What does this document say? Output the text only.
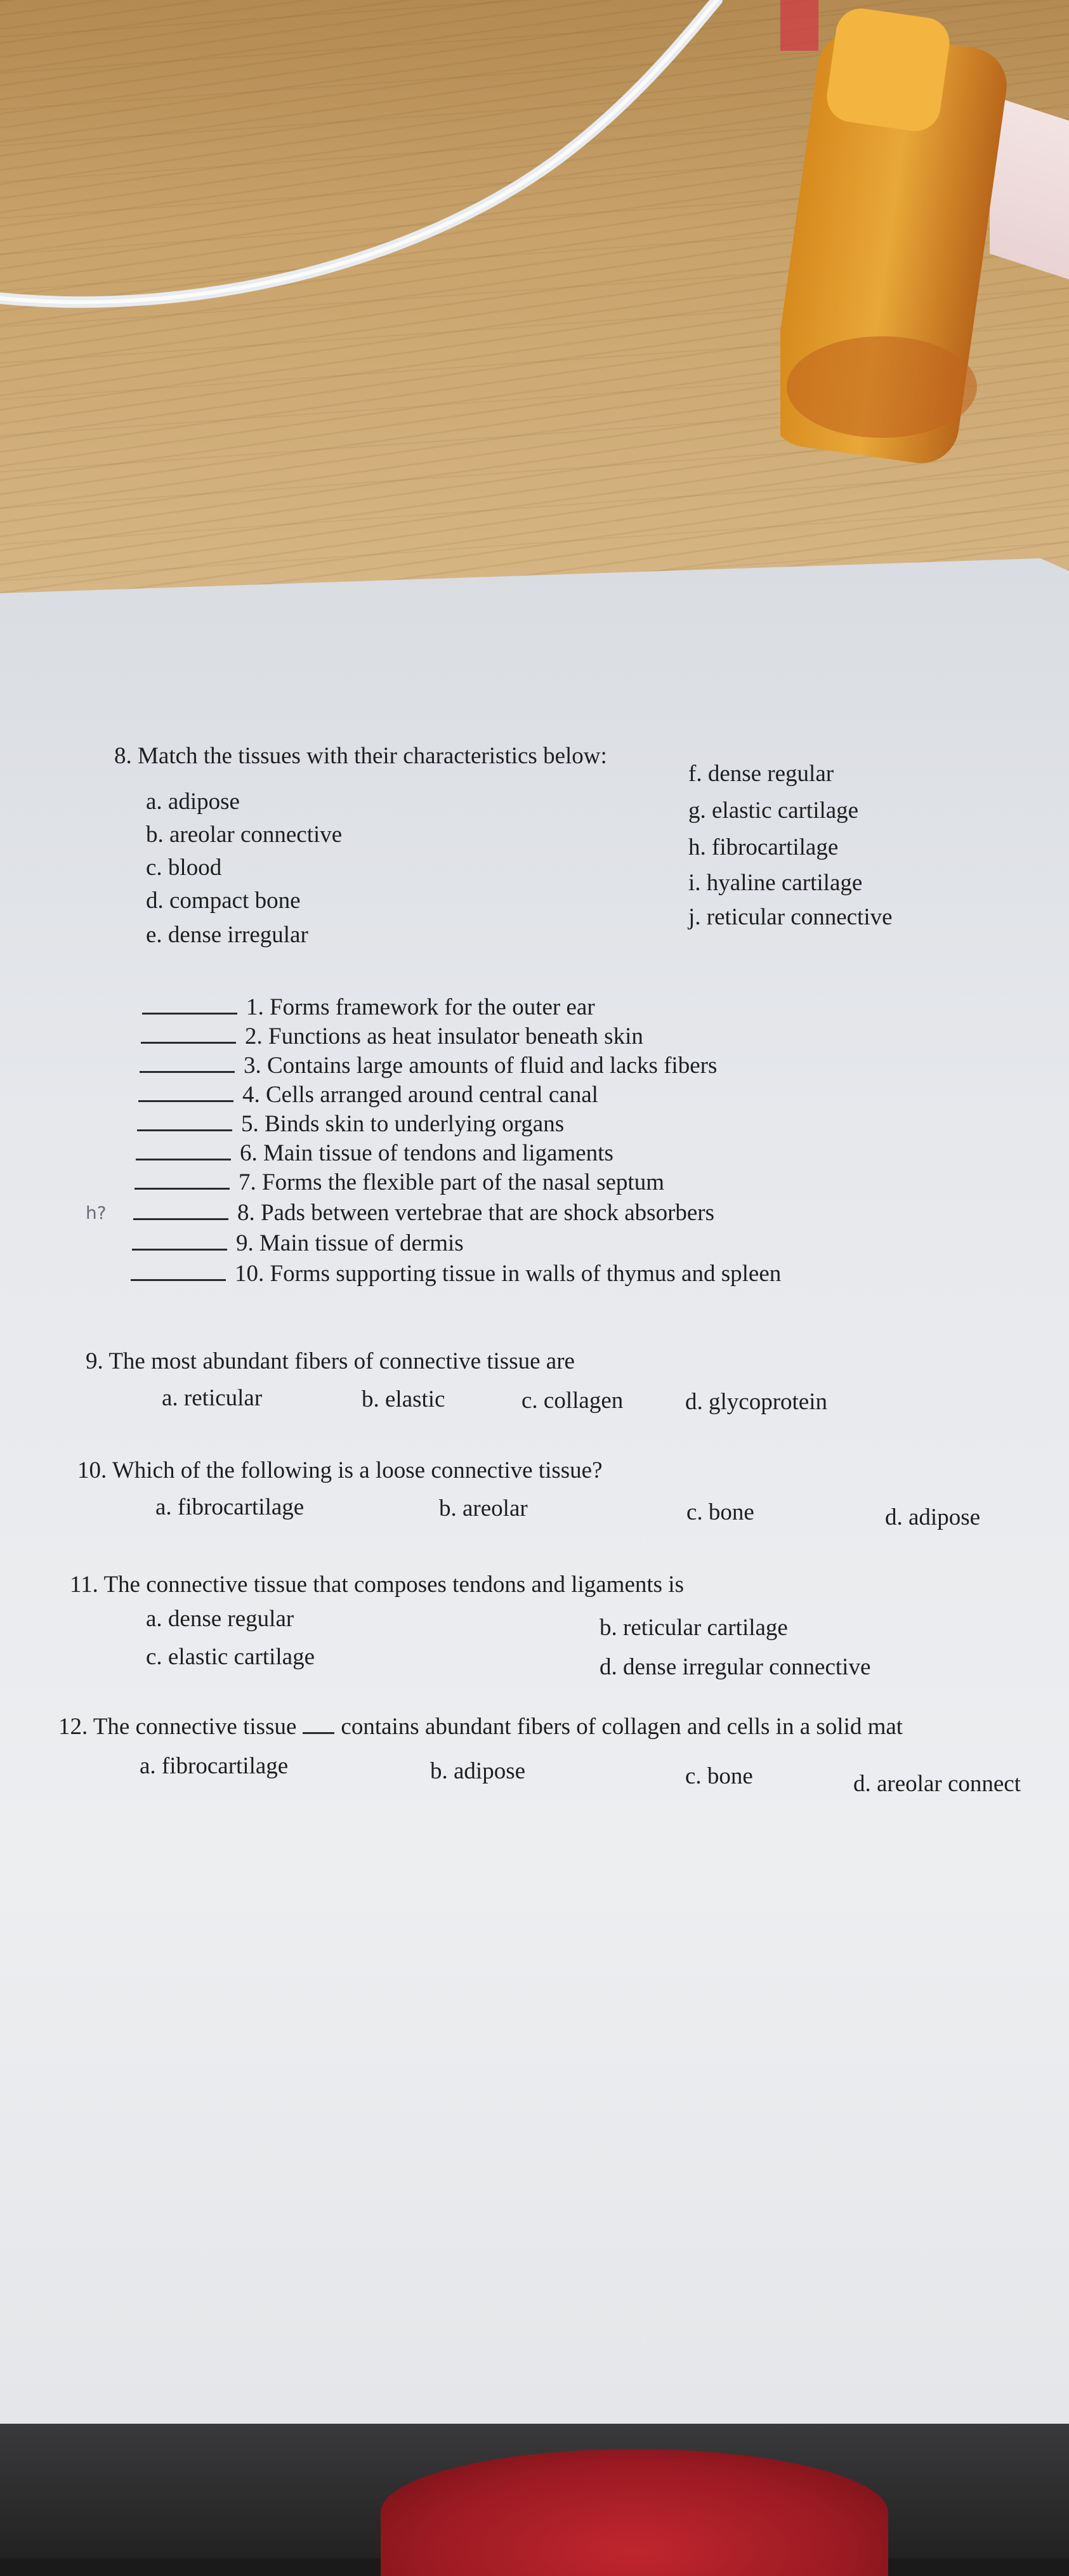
8. Match the tissues with their characteristics below:
a. adipose
b. areolar connective
c. blood
d. compact bone
e. dense irregular
f. dense regular
g. elastic cartilage
h. fibrocartilage
i. hyaline cartilage
j. reticular connective
1. Forms framework for the outer ear
2. Functions as heat insulator beneath skin
3. Contains large amounts of fluid and lacks fibers
4. Cells arranged around central canal
5. Binds skin to underlying organs
6. Main tissue of tendons and ligaments
7. Forms the flexible part of the nasal septum
8. Pads between vertebrae that are shock absorbers
9. Main tissue of dermis
10. Forms supporting tissue in walls of thymus and spleen
h?
9. The most abundant fibers of connective tissue are
a. reticular	b. elastic	c. collagen	d. glycoprotein
10. Which of the following is a loose connective tissue?
a. fibrocartilage	b. areolar	c. bone	d. adipose
11. The connective tissue that composes tendons and ligaments is
a. dense regular	b. reticular cartilage
c. elastic cartilage	d. dense irregular connective
12. The connective tissue contains abundant fibers of collagen and cells in a solid mat
a. fibrocartilage	b. adipose	c. bone	d. areolar connect
